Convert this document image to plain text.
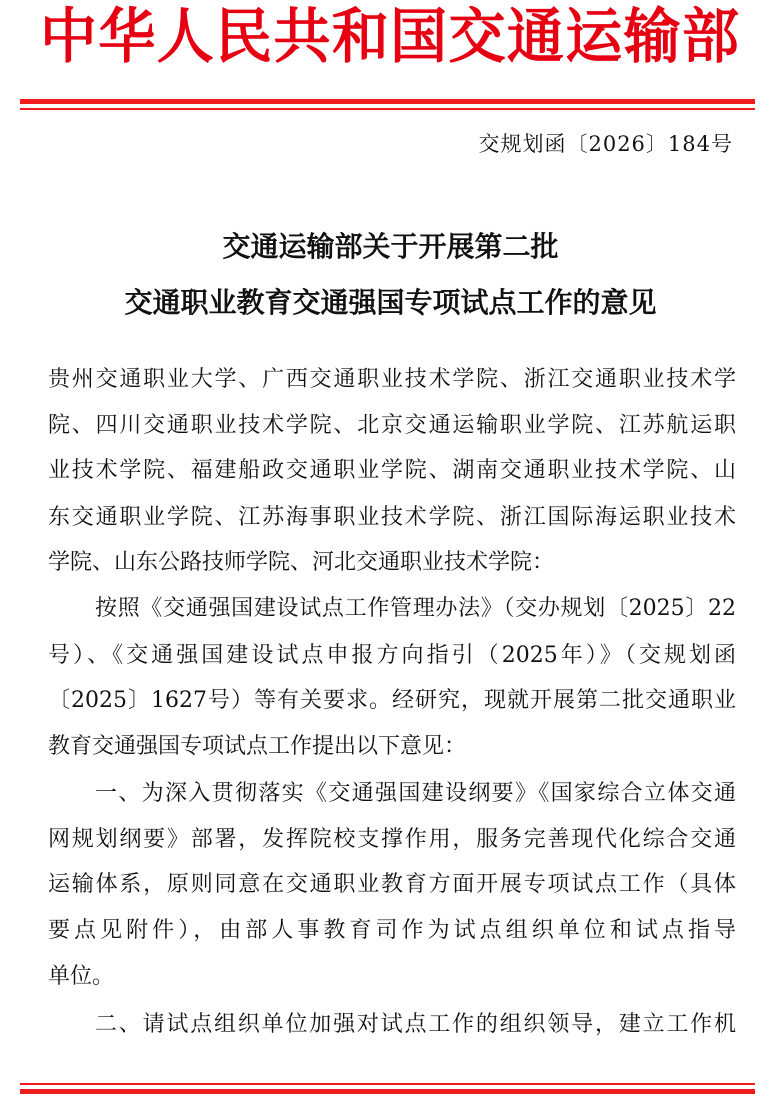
中华人民共和国交通运输部
交规划函〔2026〕184号
交通运输部关于开展第二批
交通职业教育交通强国专项试点工作的意见
贵州交通职业大学、广西交通职业技术学院、浙江交通职业技术学
院、四川交通职业技术学院、北京交通运输职业学院、江苏航运职
业技术学院、福建船政交通职业学院、湖南交通职业技术学院、山
东交通职业学院、江苏海事职业技术学院、浙江国际海运职业技术
学院、山东公路技师学院、河北交通职业技术学院：
按照《交通强国建设试点工作管理办法》（交办规划〔2025〕22
号）、《交通强国建设试点申报方向指引（2025年）》（交规划函
〔2025〕1627号）等有关要求。经研究，现就开展第二批交通职业
教育交通强国专项试点工作提出以下意见：
一、为深入贯彻落实《交通强国建设纲要》《国家综合立体交通
网规划纲要》部署，发挥院校支撑作用，服务完善现代化综合交通
运输体系，原则同意在交通职业教育方面开展专项试点工作（具体
要点见附件），由部人事教育司作为试点组织单位和试点指导
单位。
二、请试点组织单位加强对试点工作的组织领导，建立工作机
